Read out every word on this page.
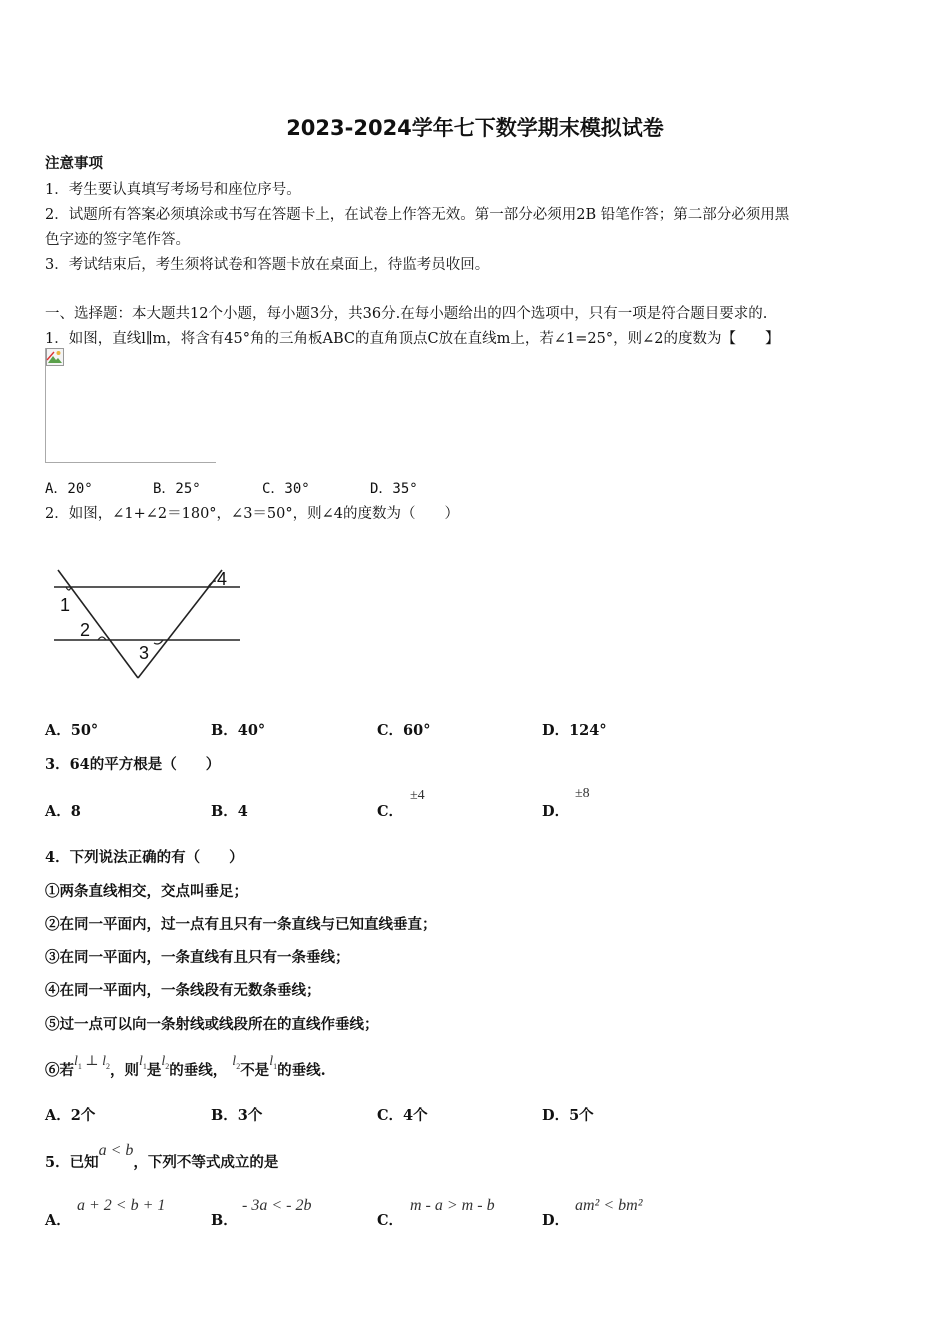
2023-2024学年七下数学期末模拟试卷
注意事项
1．考生要认真填写考场号和座位序号。
2．试题所有答案必须填涂或书写在答题卡上，在试卷上作答无效。第一部分必须用2B 铅笔作答；第二部分必须用黑
色字迹的签字笔作答。
3．考试结束后，考生须将试卷和答题卡放在桌面上，待监考员收回。
一、选择题：本大题共12个小题，每小题3分，共36分.在每小题给出的四个选项中，只有一项是符合题目要求的.
1．如图，直线l∥m，将含有45°角的三角板ABC的直角顶点C放在直线m上，若∠1=25°，则∠2的度数为【　　】
A．20°	B．25°	C．30°	D．35°
2．如图，∠1+∠2＝180°，∠3＝50°，则∠4的度数为（　　）
1
2
3
4
A．50°	B．40°	C．60°	D．124°
3．64的平方根是（　　）
A．8	B．4	C．
±4
D．
±8
4．下列说法正确的有（　　）
①两条直线相交，交点叫垂足；
②在同一平面内，过一点有且只有一条直线与已知直线垂直；
③在同一平面内，一条直线有且只有一条垂线；
④在同一平面内，一条线段有无数条垂线；
⑤过一点可以向一条射线或线段所在的直线作垂线；
⑥若$l_1$ ⊥ $l_2$，则$l_1$是$l_2$的垂线， $l_2$不是$l_1$的垂线.
A．2个	B．3个	C．4个	D．5个
5．已知a < b，下列不等式成立的是
A．
a + 2 < b + 1
B．
- 3a < - 2b
C．
m - a > m - b
D．
am² < bm²
